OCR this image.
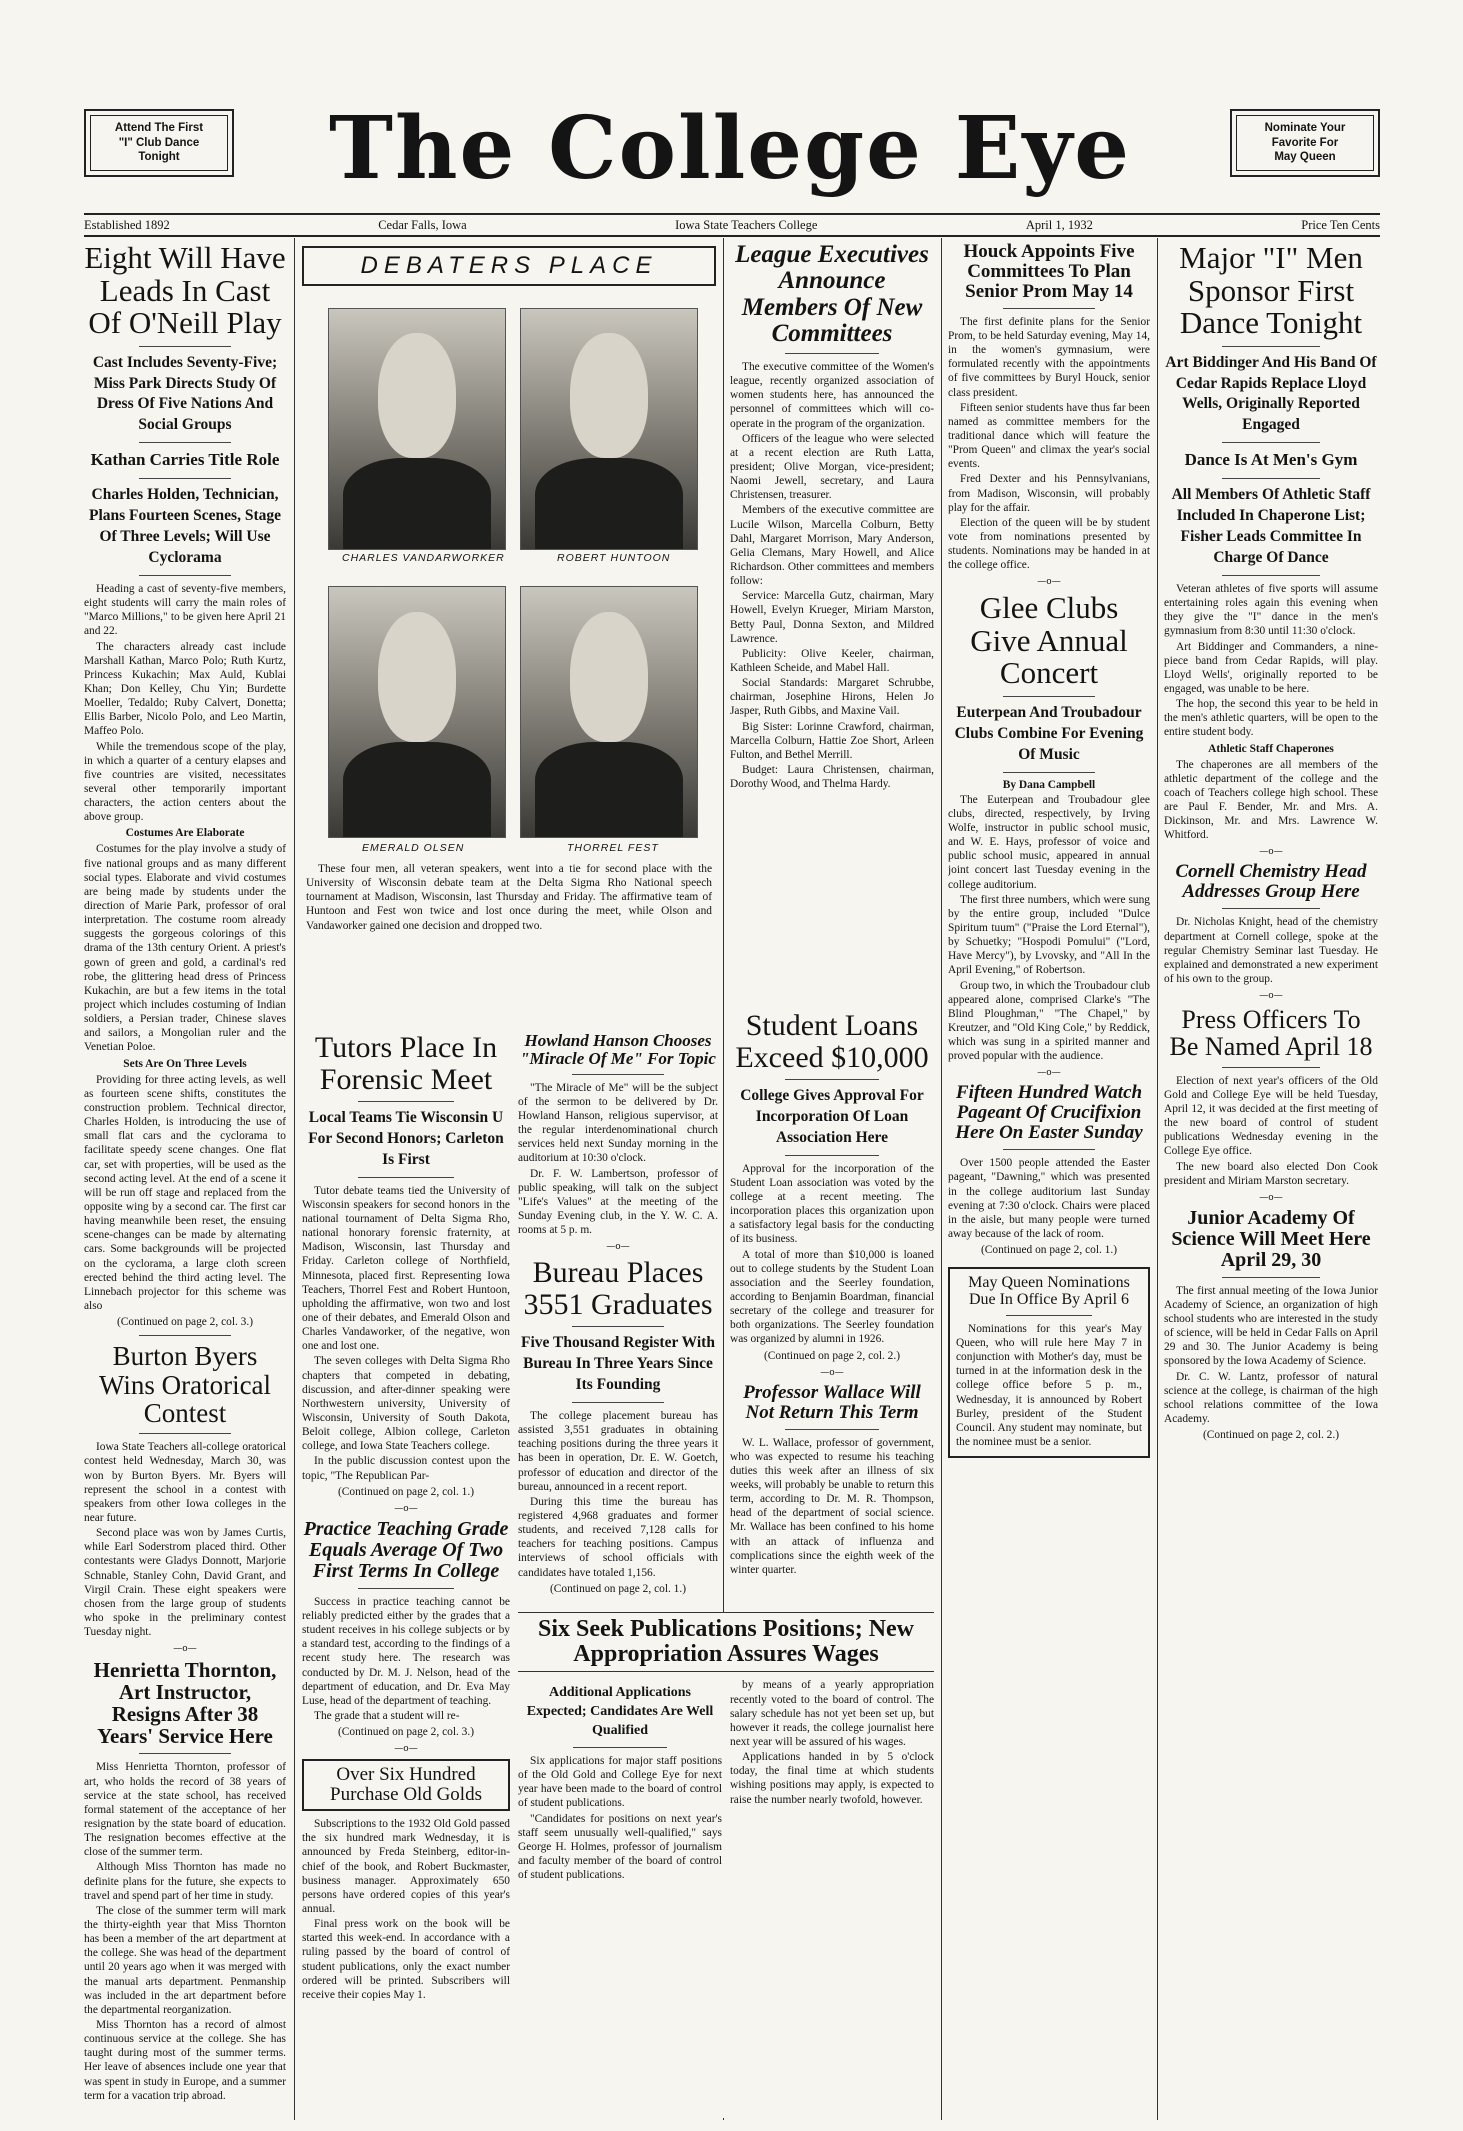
Attend The First
"I" Club Dance
Tonight
Nominate Your
Favorite For
May Queen
The College Eye
Established 1892	Cedar Falls, Iowa	Iowa State Teachers College	April 1, 1932	Price Ten Cents
Eight Will Have Leads In Cast Of O'Neill Play
Cast Includes Seventy-Five; Miss Park Directs Study Of Dress Of Five Nations And Social Groups
Kathan Carries Title Role
Charles Holden, Technician, Plans Fourteen Scenes, Stage Of Three Levels; Will Use Cyclorama

Heading a cast of seventy-five members, eight students will carry the main roles of "Marco Millions," to be given here April 21 and 22.

The characters already cast include Marshall Kathan, Marco Polo; Ruth Kurtz, Princess Kukachin; Max Auld, Kublai Khan; Don Kelley, Chu Yin; Burdette Moeller, Tedaldo; Ruby Calvert, Donetta; Ellis Barber, Nicolo Polo, and Leo Martin, Maffeo Polo.

While the tremendous scope of the play, in which a quarter of a century elapses and five countries are visited, necessitates several other temporarily important characters, the action centers about the above group.

Costumes Are Elaborate

Costumes for the play involve a study of five national groups and as many different social types. Elaborate and vivid costumes are being made by students under the direction of Marie Park, professor of oral interpretation. The costume room already suggests the gorgeous colorings of this drama of the 13th century Orient. A priest's gown of green and gold, a cardinal's red robe, the glittering head dress of Princess Kukachin, are but a few items in the total project which includes costuming of Indian soldiers, a Persian trader, Chinese slaves and sailors, a Mongolian ruler and the Venetian Poloe.

Sets Are On Three Levels

Providing for three acting levels, as well as fourteen scene shifts, constitutes the construction problem. Technical director, Charles Holden, is introducing the use of small flat cars and the cyclorama to facilitate speedy scene changes. One flat car, set with properties, will be used as the second acting level. At the end of a scene it will be run off stage and replaced from the opposite wing by a second car. The first car having meanwhile been reset, the ensuing scene-changes can be made by alternating cars. Some backgrounds will be projected on the cyclorama, a large cloth screen erected behind the third acting level. The Linnebach projector for this scheme was also

(Continued on page 2, col. 3.)
Burton Byers Wins Oratorical Contest

Iowa State Teachers all-college oratorical contest held Wednesday, March 30, was won by Burton Byers. Mr. Byers will represent the school in a contest with speakers from other Iowa colleges in the near future.

Second place was won by James Curtis, while Earl Soderstrom placed third. Other contestants were Gladys Donnott, Marjorie Schnable, Stanley Cohn, David Grant, and Virgil Crain. These eight speakers were chosen from the large group of students who spoke in the preliminary contest Tuesday night.

—o—
Henrietta Thornton, Art Instructor, Resigns After 38 Years' Service Here

Miss Henrietta Thornton, professor of art, who holds the record of 38 years of service at the state school, has received formal statement of the acceptance of her resignation by the state board of education. The resignation becomes effective at the close of the summer term.

Although Miss Thornton has made no definite plans for the future, she expects to travel and spend part of her time in study.

The close of the summer term will mark the thirty-eighth year that Miss Thornton has been a member of the art department at the college. She was head of the department until 20 years ago when it was merged with the manual arts department. Penmanship was included in the art department before the departmental reorganization.

Miss Thornton has a record of almost continuous service at the college. She has taught during most of the summer terms. Her leave of absences include one year that was spent in study in Europe, and a summer term for a vacation trip abroad.

DEBATERS PLACE
CHARLES VANDARWORKER	ROBERT HUNTOON
EMERALD OLSEN	THORREL FEST

These four men, all veteran speakers, went into a tie for second place with the University of Wisconsin debate team at the Delta Sigma Rho National speech tournament at Madison, Wisconsin, last Thursday and Friday. The affirmative team of Huntoon and Fest won twice and lost once during the meet, while Olson and Vandaworker gained one decision and dropped two.

Tutors Place In Forensic Meet
Local Teams Tie Wisconsin U For Second Honors; Carleton Is First

Tutor debate teams tied the University of Wisconsin speakers for second honors in the national tournament of Delta Sigma Rho, national honorary forensic fraternity, at Madison, Wisconsin, last Thursday and Friday. Carleton college of Northfield, Minnesota, placed first. Representing Iowa Teachers, Thorrel Fest and Robert Huntoon, upholding the affirmative, won two and lost one of their debates, and Emerald Olson and Charles Vandaworker, of the negative, won one and lost one.

The seven colleges with Delta Sigma Rho chapters that competed in debating, discussion, and after-dinner speaking were Northwestern university, University of Wisconsin, University of South Dakota, Beloit college, Albion college, Carleton college, and Iowa State Teachers college.

In the public discussion contest upon the topic, "The Republican Par-

(Continued on page 2, col. 1.)
—o—
Practice Teaching Grade Equals Average Of Two First Terms In College

Success in practice teaching cannot be reliably predicted either by the grades that a student receives in his college subjects or by a standard test, according to the findings of a recent study here. The research was conducted by Dr. M. J. Nelson, head of the department of education, and Dr. Eva May Luse, head of the department of teaching.

The grade that a student will re-

(Continued on page 2, col. 3.)
—o—
Over Six Hundred Purchase Old Golds

Subscriptions to the 1932 Old Gold passed the six hundred mark Wednesday, it is announced by Freda Steinberg, editor-in-chief of the book, and Robert Buckmaster, business manager. Approximately 650 persons have ordered copies of this year's annual.

Final press work on the book will be started this week-end. In accordance with a ruling passed by the board of control of student publications, only the exact number ordered will be printed. Subscribers will receive their copies May 1.

League Executives Announce Members Of New Committees

The executive committee of the Women's league, recently organized association of women students here, has announced the personnel of committees which will co-operate in the program of the organization.

Officers of the league who were selected at a recent election are Ruth Latta, president; Olive Morgan, vice-president; Naomi Jewell, secretary, and Laura Christensen, treasurer.

Members of the executive committee are Lucile Wilson, Marcella Colburn, Betty Dahl, Margaret Morrison, Mary Anderson, Gelia Clemans, Mary Howell, and Alice Richardson. Other committees and members follow:

Service: Marcella Gutz, chairman, Mary Howell, Evelyn Krueger, Miriam Marston, Betty Paul, Donna Sexton, and Mildred Lawrence.

Publicity: Olive Keeler, chairman, Kathleen Scheide, and Mabel Hall.

Social Standards: Margaret Schrubbe, chairman, Josephine Hirons, Helen Jo Jasper, Ruth Gibbs, and Maxine Vail.

Big Sister: Lorinne Crawford, chairman, Marcella Colburn, Hattie Zoe Short, Arleen Fulton, and Bethel Merrill.

Budget: Laura Christensen, chairman, Dorothy Wood, and Thelma Hardy.

Howland Hanson Chooses "Miracle Of Me" For Topic

"The Miracle of Me" will be the subject of the sermon to be delivered by Dr. Howland Hanson, religious supervisor, at the regular interdenominational church services held next Sunday morning in the auditorium at 10:30 o'clock.

Dr. F. W. Lambertson, professor of public speaking, will talk on the subject "Life's Values" at the meeting of the Sunday Evening club, in the Y. W. C. A. rooms at 5 p. m.

—o—
Bureau Places 3551 Graduates
Five Thousand Register With Bureau In Three Years Since Its Founding

The college placement bureau has assisted 3,551 graduates in obtaining teaching positions during the three years it has been in operation, Dr. E. W. Goetch, professor of education and director of the bureau, announced in a recent report.

During this time the bureau has registered 4,968 graduates and former students, and received 7,128 calls for teachers for teaching positions. Campus interviews of school officials with candidates have totaled 1,156.

(Continued on page 2, col. 1.)
Student Loans Exceed $10,000
College Gives Approval For Incorporation Of Loan Association Here

Approval for the incorporation of the Student Loan association was voted by the college at a recent meeting. The incorporation places this organization upon a satisfactory legal basis for the conducting of its business.

A total of more than $10,000 is loaned out to college students by the Student Loan association and the Seerley foundation, according to Benjamin Boardman, financial secretary of the college and treasurer for both organizations. The Seerley foundation was organized by alumni in 1926.

(Continued on page 2, col. 2.)
—o—
Professor Wallace Will Not Return This Term

W. L. Wallace, professor of government, who was expected to resume his teaching duties this week after an illness of six weeks, will probably be unable to return this term, according to Dr. M. R. Thompson, head of the department of social science. Mr. Wallace has been confined to his home with an attack of influenza and complications since the eighth week of the winter quarter.

Six Seek Publications Positions; New Appropriation Assures Wages
Additional Applications Expected; Candidates Are Well Qualified

Six applications for major staff positions of the Old Gold and College Eye for next year have been made to the board of control of student publications.

"Candidates for positions on next year's staff seem unusually well-qualified," says George H. Holmes, professor of journalism and faculty member of the board of control of student publications.

by means of a yearly appropriation recently voted to the board of control. The salary schedule has not yet been set up, but however it reads, the college journalist here next year will be assured of his wages.

Applications handed in by 5 o'clock today, the final time at which students wishing positions may apply, is expected to raise the number nearly twofold, however.

Houck Appoints Five Committees To Plan Senior Prom May 14

The first definite plans for the Senior Prom, to be held Saturday evening, May 14, in the women's gymnasium, were formulated recently with the appointments of five committees by Buryl Houck, senior class president.

Fifteen senior students have thus far been named as committee members for the traditional dance which will feature the "Prom Queen" and climax the year's social events.

Fred Dexter and his Pennsylvanians, from Madison, Wisconsin, will probably play for the affair.

Election of the queen will be by student vote from nominations presented by students. Nominations may be handed in at the college office.

—o—
Glee Clubs Give Annual Concert
Euterpean And Troubadour Clubs Combine For Evening Of Music
By Dana Campbell

The Euterpean and Troubadour glee clubs, directed, respectively, by Irving Wolfe, instructor in public school music, and W. E. Hays, professor of voice and public school music, appeared in annual joint concert last Tuesday evening in the college auditorium.

The first three numbers, which were sung by the entire group, included "Dulce Spiritum tuum" ("Praise the Lord Eternal"), by Schuetky; "Hospodi Pomului" ("Lord, Have Mercy"), by Lvovsky, and "All In the April Evening," of Robertson.

Group two, in which the Troubadour club appeared alone, comprised Clarke's "The Blind Ploughman," "The Chapel," by Kreutzer, and "Old King Cole," by Reddick, which was sung in a spirited manner and proved popular with the audience.

—o—
Fifteen Hundred Watch Pageant Of Crucifixion Here On Easter Sunday

Over 1500 people attended the Easter pageant, "Dawning," which was presented in the college auditorium last Sunday evening at 7:30 o'clock. Chairs were placed in the aisle, but many people were turned away because of the lack of room.

(Continued on page 2, col. 1.)
May Queen Nominations Due In Office By April 6

Nominations for this year's May Queen, who will rule here May 7 in conjunction with Mother's day, must be turned in at the information desk in the college office before 5 p. m., Wednesday, it is announced by Robert Burley, president of the Student Council. Any student may nominate, but the nominee must be a senior.

Major "I" Men Sponsor First Dance Tonight
Art Biddinger And His Band Of Cedar Rapids Replace Lloyd Wells, Originally Reported Engaged
Dance Is At Men's Gym
All Members Of Athletic Staff Included In Chaperone List; Fisher Leads Committee In Charge Of Dance

Veteran athletes of five sports will assume entertaining roles again this evening when they give the "I" dance in the men's gymnasium from 8:30 until 11:30 o'clock.

Art Biddinger and Commanders, a nine-piece band from Cedar Rapids, will play. Lloyd Wells', originally reported to be engaged, was unable to be here.

The hop, the second this year to be held in the men's athletic quarters, will be open to the entire student body.

Athletic Staff Chaperones

The chaperones are all members of the athletic department of the college and the coach of Teachers college high school. These are Paul F. Bender, Mr. and Mrs. A. Dickinson, Mr. and Mrs. Lawrence W. Whitford.

—o—
Cornell Chemistry Head Addresses Group Here

Dr. Nicholas Knight, head of the chemistry department at Cornell college, spoke at the regular Chemistry Seminar last Tuesday. He explained and demonstrated a new experiment of his own to the group.

—o—
Press Officers To Be Named April 18

Election of next year's officers of the Old Gold and College Eye will be held Tuesday, April 12, it was decided at the first meeting of the new board of control of student publications Wednesday evening in the College Eye office.

The new board also elected Don Cook president and Miriam Marston secretary.

—o—
Junior Academy Of Science Will Meet Here April 29, 30

The first annual meeting of the Iowa Junior Academy of Science, an organization of high school students who are interested in the study of science, will be held in Cedar Falls on April 29 and 30. The Junior Academy is being sponsored by the Iowa Academy of Science.

Dr. C. W. Lantz, professor of natural science at the college, is chairman of the high school relations committee of the Iowa Academy.

(Continued on page 2, col. 2.)
